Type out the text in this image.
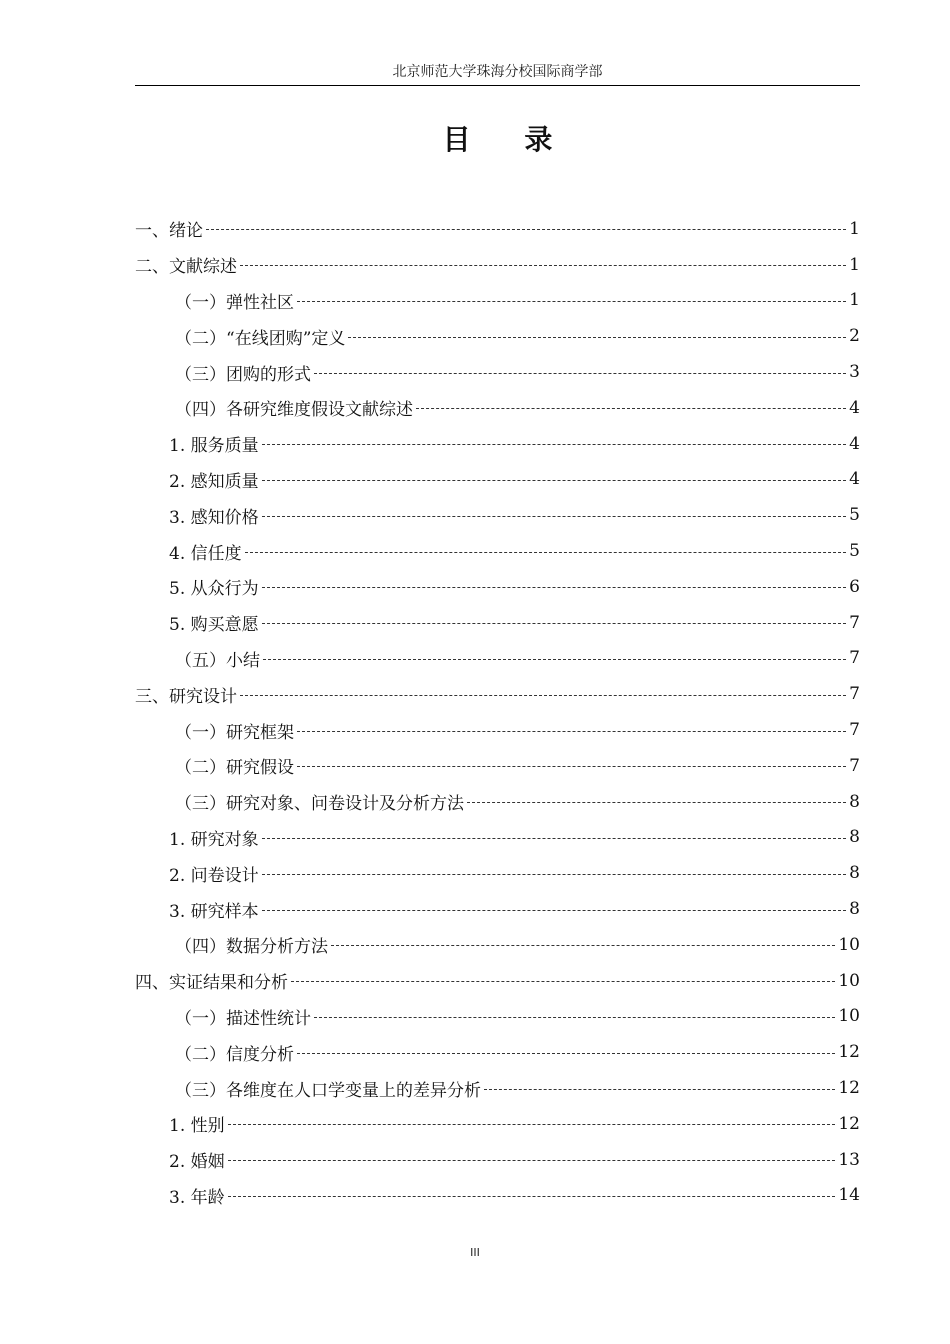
北京师范大学珠海分校国际商学部
目 录
一、绪论	1
二、文献综述	1
（一）弹性社区	1
（二）“在线团购”定义	2
（三）团购的形式	3
（四）各研究维度假设文献综述	4
1. 服务质量	4
2. 感知质量	4
3. 感知价格	5
4. 信任度	5
5. 从众行为	6
5. 购买意愿	7
（五）小结	7
三、研究设计	7
（一）研究框架	7
（二）研究假设	7
（三）研究对象、问卷设计及分析方法	8
1. 研究对象	8
2. 问卷设计	8
3. 研究样本	8
（四）数据分析方法	10
四、实证结果和分析	10
（一）描述性统计	10
（二）信度分析	12
（三）各维度在人口学变量上的差异分析	12
1. 性别	12
2. 婚姻	13
3. 年龄	14
III
